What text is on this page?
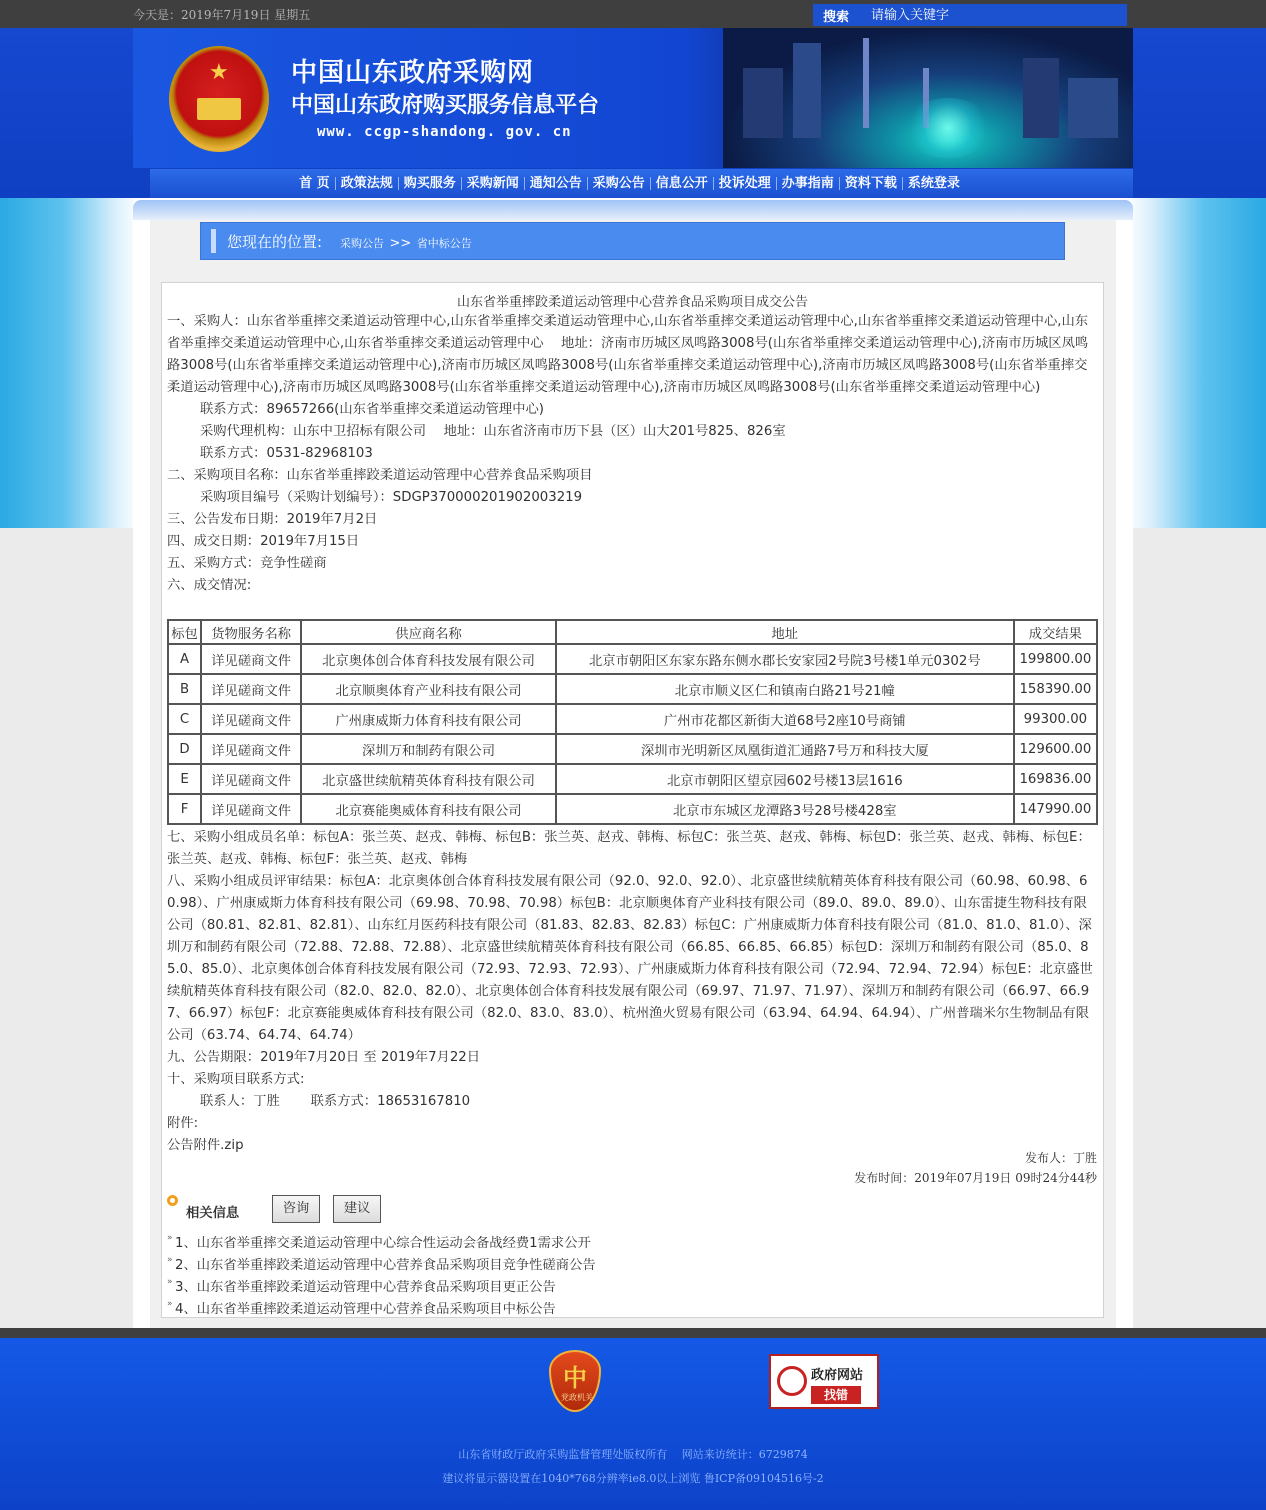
今天是：2019年7月19日 星期五	搜索
请输入关键字
★ 中国山东政府采购网
中国山东政府购买服务信息平台
www. ccgp-shandong. gov. cn
首 页 政策法规 购买服务 采购新闻 通知公告 采购公告 信息公开 投诉处理 办事指南 资料下载 系统登录
您现在的位置: 采购公告 >> 省中标公告
山东省举重摔跤柔道运动管理中心营养食品采购项目成交公告

一、采购人：山东省举重摔交柔道运动管理中心,山东省举重摔交柔道运动管理中心,山东省举重摔交柔道运动管理中心,山东省举重摔交柔道运动管理中心,山东省举重摔交柔道运动管理中心,山东省举重摔交柔道运动管理中心　 地址：济南市历城区凤鸣路3008号(山东省举重摔交柔道运动管理中心),济南市历城区凤鸣路3008号(山东省举重摔交柔道运动管理中心),济南市历城区凤鸣路3008号(山东省举重摔交柔道运动管理中心),济南市历城区凤鸣路3008号(山东省举重摔交柔道运动管理中心),济南市历城区凤鸣路3008号(山东省举重摔交柔道运动管理中心),济南市历城区凤鸣路3008号(山东省举重摔交柔道运动管理中心)

联系方式：89657266(山东省举重摔交柔道运动管理中心)

采购代理机构：山东中卫招标有限公司　 地址：山东省济南市历下县（区）山大201号825、826室

联系方式：0531-82968103

二、采购项目名称：山东省举重摔跤柔道运动管理中心营养食品采购项目

采购项目编号（采购计划编号）：SDGP370000201902003219

三、公告发布日期：2019年7月2日

四、成交日期：2019年7月15日

五、采购方式：竞争性磋商

六、成交情况:

标包	货物服务名称	供应商名称	地址	成交结果
A	详见磋商文件	北京奥体创合体育科技发展有限公司	北京市朝阳区东家东路东侧水郡长安家园2号院3号楼1单元0302号	199800.00
B	详见磋商文件	北京顺奥体育产业科技有限公司	北京市顺义区仁和镇南白路21号21幢	158390.00
C	详见磋商文件	广州康威斯力体育科技有限公司	广州市花都区新街大道68号2座10号商铺	99300.00
D	详见磋商文件	深圳万和制药有限公司	深圳市光明新区凤凰街道汇通路7号万和科技大厦	129600.00
E	详见磋商文件	北京盛世续航精英体育科技有限公司	北京市朝阳区望京园602号楼13层1616	169836.00
F	详见磋商文件	北京赛能奥威体育科技有限公司	北京市东城区龙潭路3号28号楼428室	147990.00

七、采购小组成员名单：标包A：张兰英、赵戎、韩梅、标包B：张兰英、赵戎、韩梅、标包C：张兰英、赵戎、韩梅、标包D：张兰英、赵戎、韩梅、标包E：张兰英、赵戎、韩梅、标包F：张兰英、赵戎、韩梅

八、采购小组成员评审结果：标包A：北京奥体创合体育科技发展有限公司（92.0、92.0、92.0）、北京盛世续航精英体育科技有限公司（60.98、60.98、60.98）、广州康威斯力体育科技有限公司（69.98、70.98、70.98）标包B：北京顺奥体育产业科技有限公司（89.0、89.0、89.0）、山东雷捷生物科技有限公司（80.81、82.81、82.81）、山东红月医药科技有限公司（81.83、82.83、82.83）标包C：广州康威斯力体育科技有限公司（81.0、81.0、81.0）、深圳万和制药有限公司（72.88、72.88、72.88）、北京盛世续航精英体育科技有限公司（66.85、66.85、66.85）标包D：深圳万和制药有限公司（85.0、85.0、85.0）、北京奥体创合体育科技发展有限公司（72.93、72.93、72.93）、广州康威斯力体育科技有限公司（72.94、72.94、72.94）标包E：北京盛世续航精英体育科技有限公司（82.0、82.0、82.0）、北京奥体创合体育科技发展有限公司（69.97、71.97、71.97）、深圳万和制药有限公司（66.97、66.97、66.97）标包F：北京赛能奥威体育科技有限公司（82.0、83.0、83.0）、杭州渔火贸易有限公司（63.94、64.94、64.94）、广州普瑞米尔生物制品有限公司（63.74、64.74、64.74）

九、公告期限：2019年7月20日 至 2019年7月22日

十、采购项目联系方式:

联系人：丁胜　　 联系方式：18653167810

附件:

公告附件.zip

发布人：丁胜
发布时间：2019年07月19日 09时24分44秒
相关信息	咨询	建议
» 1、山东省举重摔交柔道运动管理中心综合性运动会备战经费1需求公开
» 2、山东省举重摔跤柔道运动管理中心营养食品采购项目竞争性磋商公告
» 3、山东省举重摔跤柔道运动管理中心营养食品采购项目更正公告
» 4、山东省举重摔跤柔道运动管理中心营养食品采购项目中标公告
中
党政机关
政府网站
找错
山东省财政厅政府采购监督管理处版权所有　 网站来访统计：6729874
建议将显示器设置在1040*768分辨率ie8.0以上浏览 鲁ICP备09104516号-2
